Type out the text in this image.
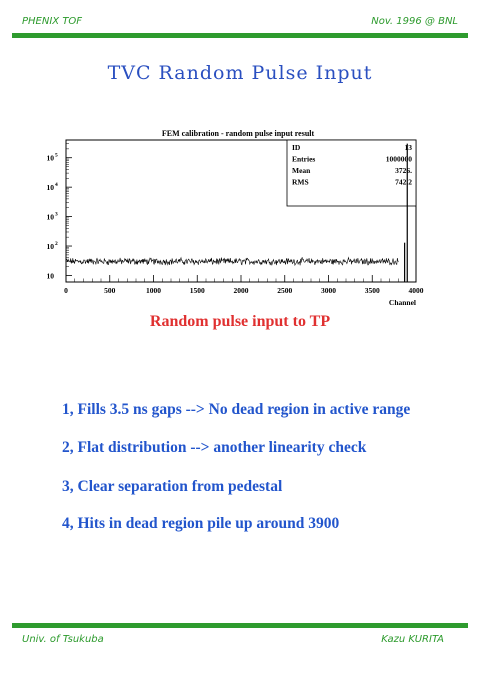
PHENIX TOF	Nov. 1996 @ BNL
TVC Random Pulse Input
FEM calibration - random pulse input result
ID	13
Entries	1000000
Mean	3726.
RMS	742.2
10
10 2
10 3
10 4
10 5
0	500	1000	1500	2000	2500	3000	3500	4000
Channel
Random pulse input to TP
1, Fills 3.5 ns gaps --> No dead region in active range
2, Flat distribution --> another linearity check
3, Clear separation from pedestal
4, Hits in dead region pile up around 3900
Univ. of Tsukuba	Kazu KURITA
